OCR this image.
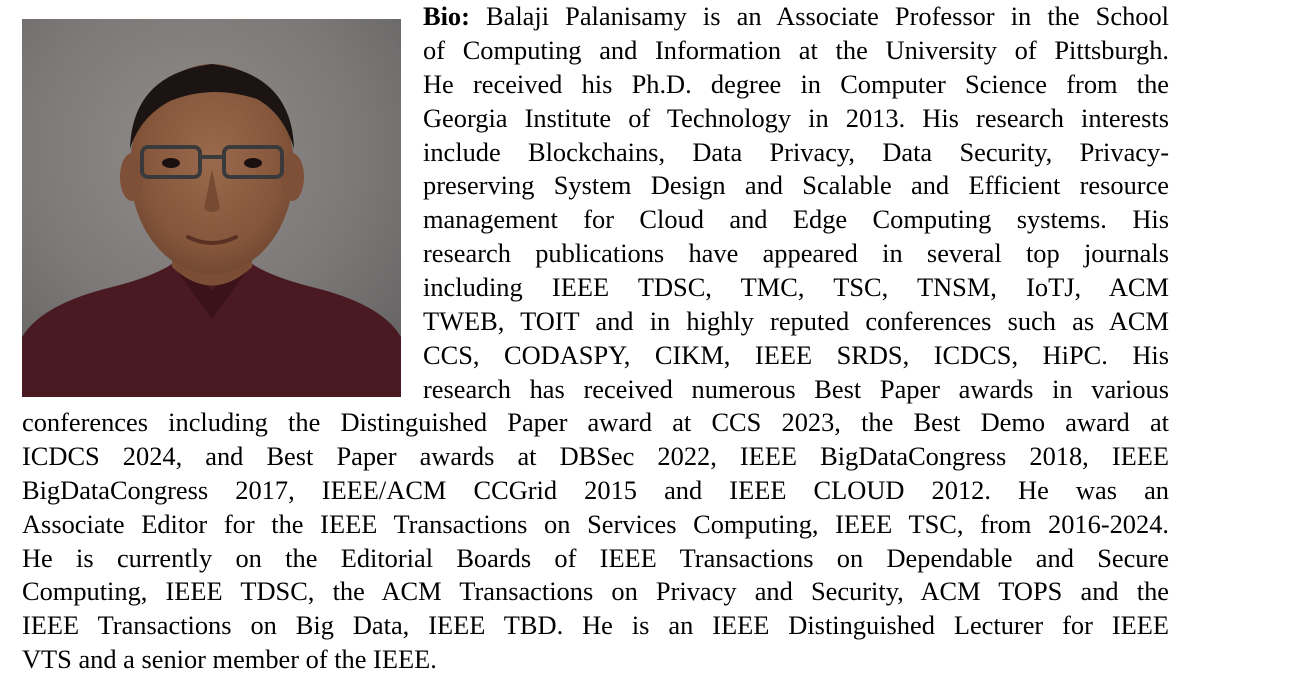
Bio: Balaji Palanisamy is an Associate Professor in the School
of Computing and Information at the University of Pittsburgh.
He received his Ph.D. degree in Computer Science from the
Georgia Institute of Technology in 2013. His research interests
include Blockchains, Data Privacy, Data Security, Privacy-
preserving System Design and Scalable and Efficient resource
management for Cloud and Edge Computing systems. His
research publications have appeared in several top journals
including IEEE TDSC, TMC, TSC, TNSM, IoTJ, ACM
TWEB, TOIT and in highly reputed conferences such as ACM
CCS, CODASPY, CIKM, IEEE SRDS, ICDCS, HiPC. His
research has received numerous Best Paper awards in various
conferences including the Distinguished Paper award at CCS 2023, the Best Demo award at
ICDCS 2024, and Best Paper awards at DBSec 2022, IEEE BigDataCongress 2018, IEEE
BigDataCongress 2017, IEEE/ACM CCGrid 2015 and IEEE CLOUD 2012. He was an
Associate Editor for the IEEE Transactions on Services Computing, IEEE TSC, from 2016-2024.
He is currently on the Editorial Boards of IEEE Transactions on Dependable and Secure
Computing, IEEE TDSC, the ACM Transactions on Privacy and Security, ACM TOPS and the
IEEE Transactions on Big Data, IEEE TBD. He is an IEEE Distinguished Lecturer for IEEE
VTS and a senior member of the IEEE.
